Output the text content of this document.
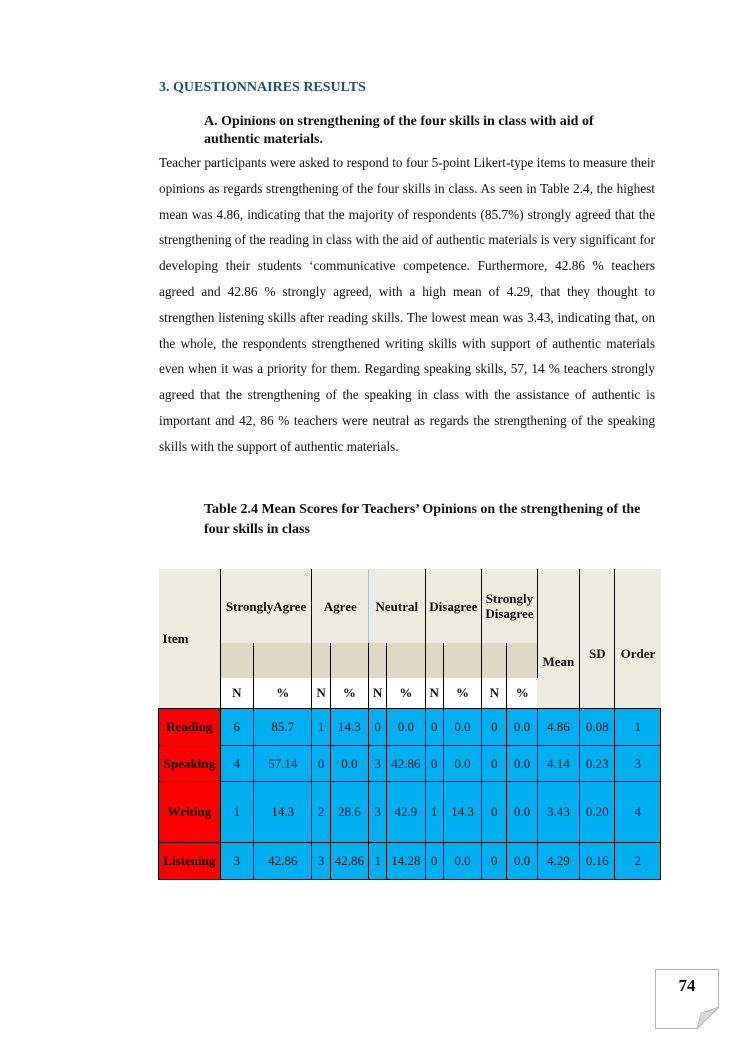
3. QUESTIONNAIRES RESULTS
A. Opinions on strengthening of the four skills in class with aid of authentic materials.

Teacher participants were asked to respond to four 5-point Likert-type items to measure their opinions as regards strengthening of the four skills in class. As seen in Table 2.4, the highest mean was 4.86, indicating that the majority of respondents (85.7%) strongly agreed that the strengthening of the reading in class with the aid of authentic materials is very significant for developing their students ‘communicative competence. Furthermore, 42.86 % teachers agreed and 42.86 % strongly agreed, with a high mean of 4.29, that they thought to strengthen listening skills after reading skills. The lowest mean was 3.43, indicating that, on the whole, the respondents strengthened writing skills with support of authentic materials even when it was a priority for them. Regarding speaking skills, 57, 14 % teachers strongly agreed that the strengthening of the speaking in class with the assistance of authentic is important and 42, 86 % teachers were neutral as regards the strengthening of the speaking skills with the support of authentic materials.

Table 2.4 Mean Scores for Teachers’ Opinions on the strengthening of the four skills in class
Item	StronglyAgree		Agree		Neutral		Disagree		Strongly Disagree		Mean	SD	Order

	N	%	N	%	N	%	N	%	N	%			
Reading	6	85.7	1	14.3	0	0.0	0	0.0	0	0.0	4.86	0.08	1
Speaking	4	57.14	0	0.0	3	42.86	0	0.0	0	0.0	4.14	0.23	3
Writing	1	14.3	2	28.6	3	42.9	1	14.3	0	0.0	3.43	0.20	4
Listening	3	42.86	3	42.86	1	14.28	0	0.0	0	0.0	4.29	0.16	2
74
